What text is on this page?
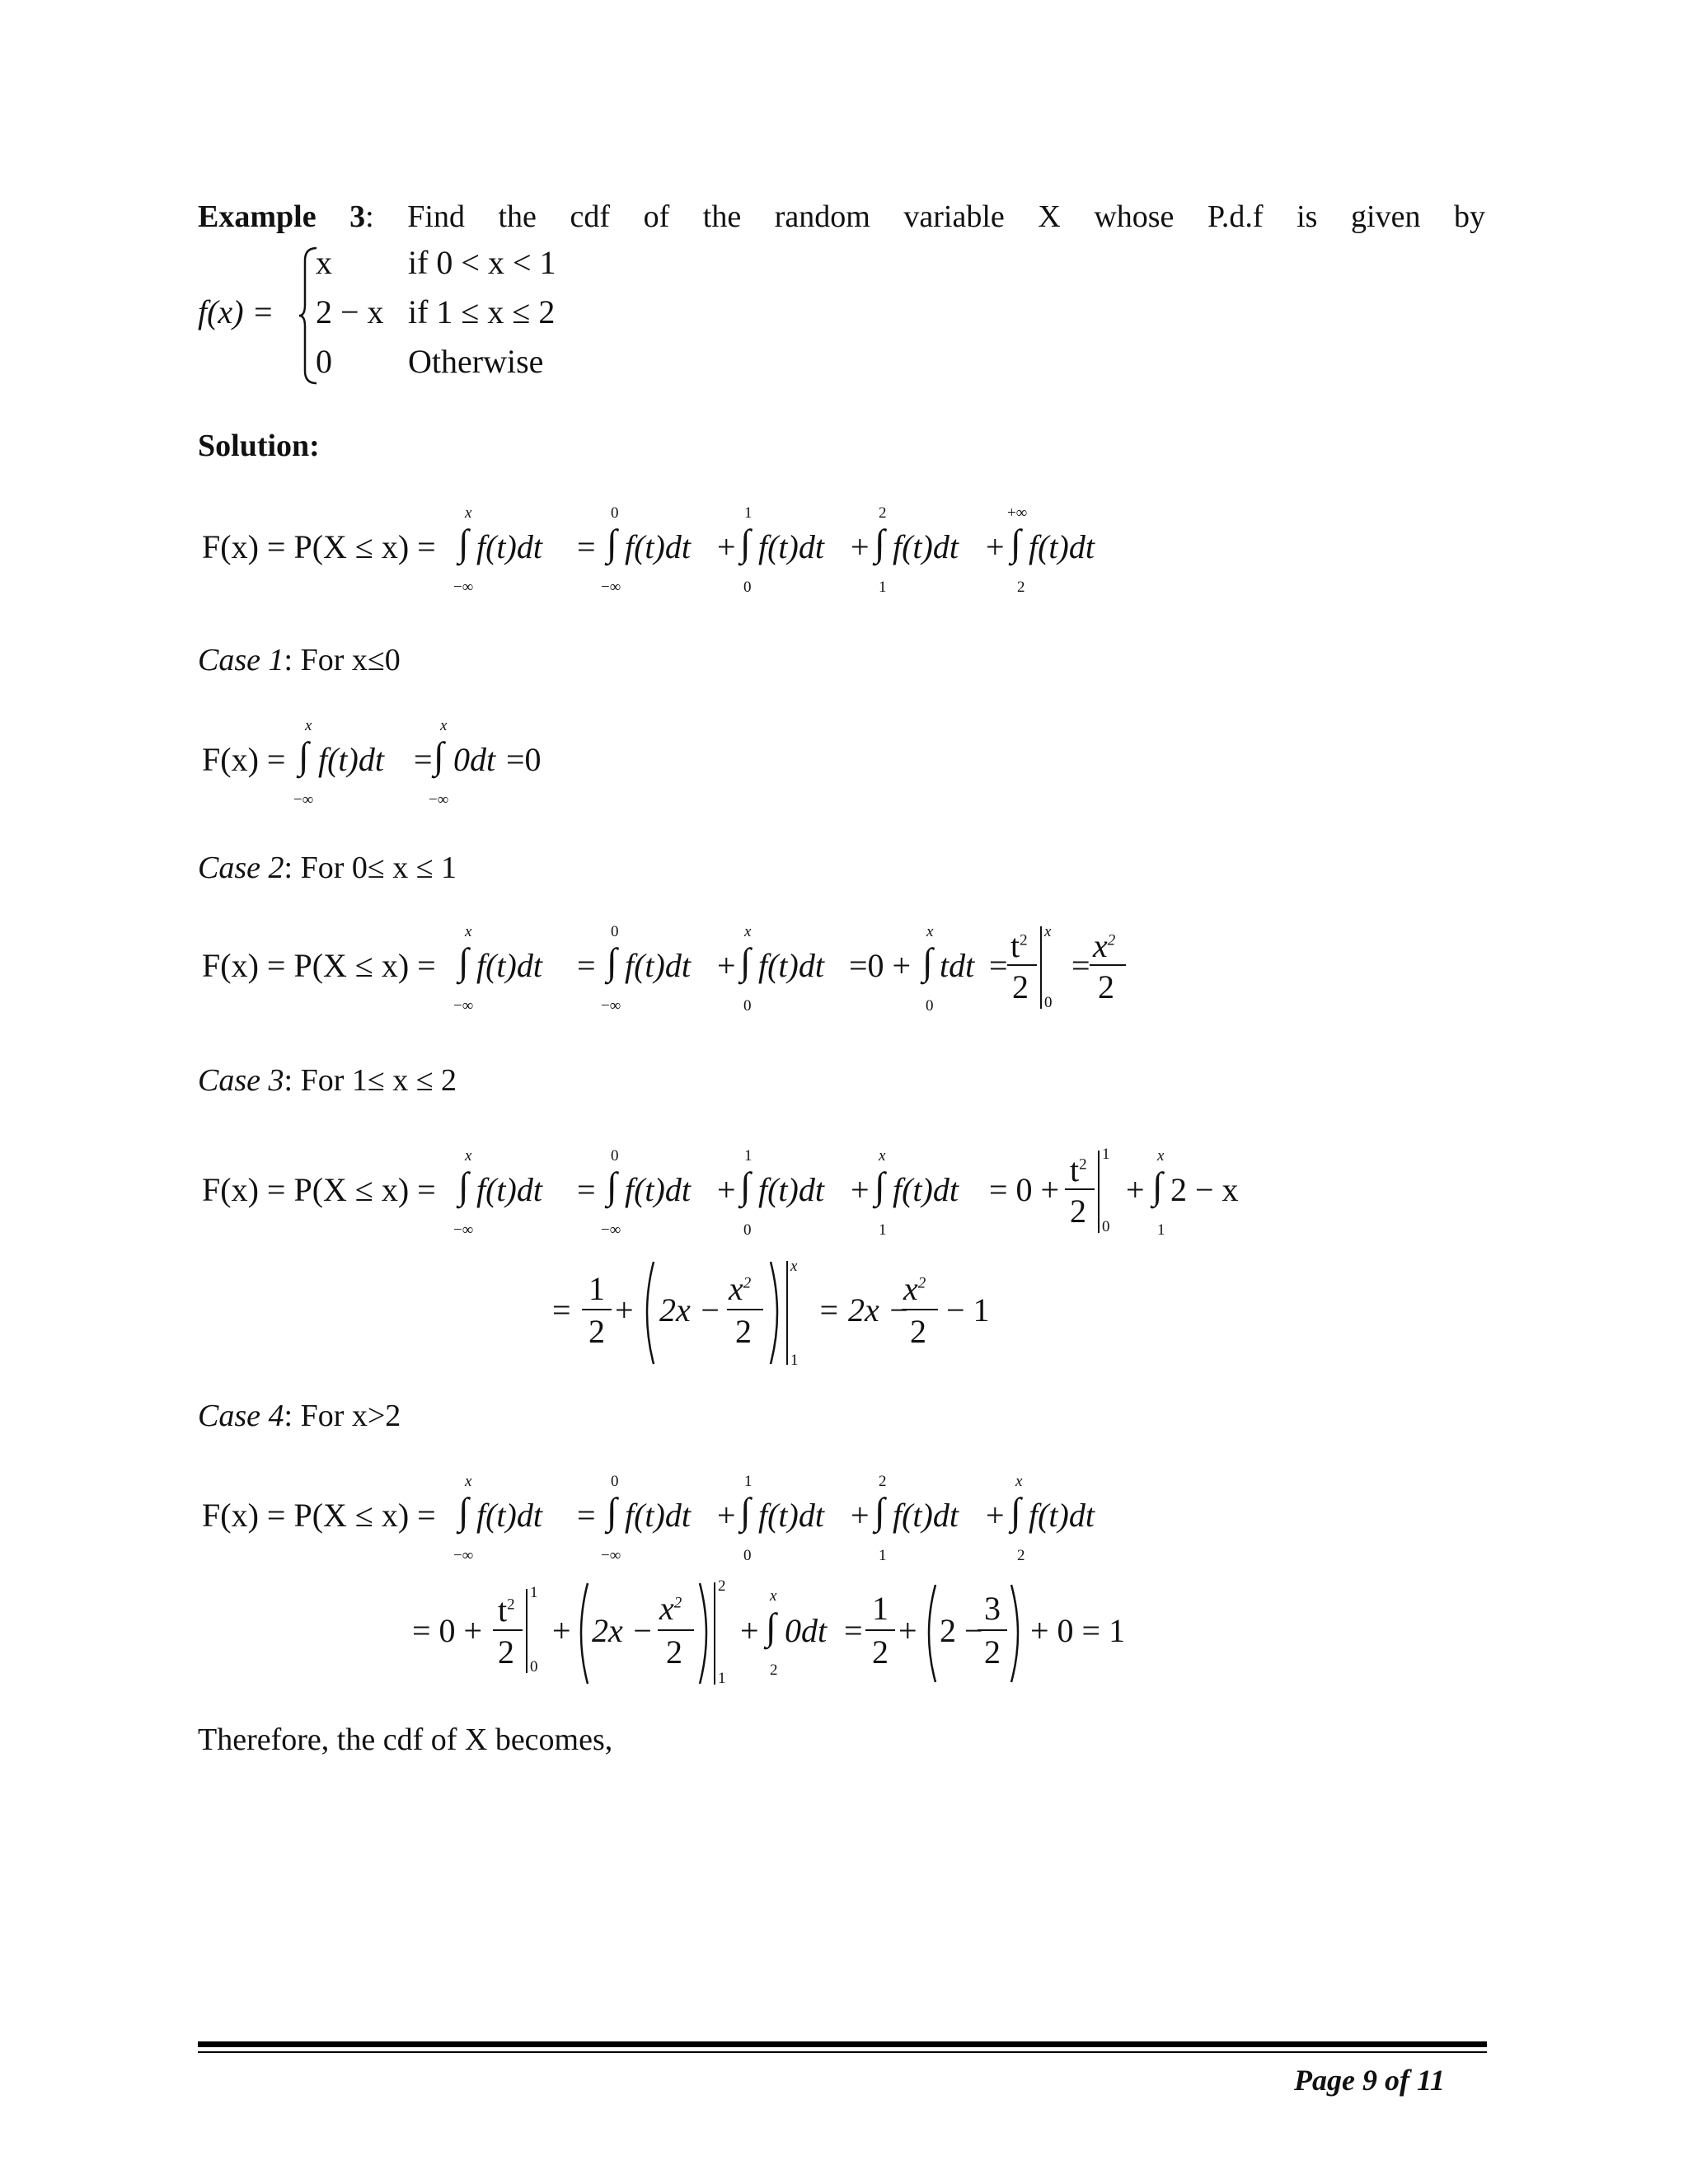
Example 3: Find the cdf of the random variable X whose P.d.f is given by
f(x) =
x if 0 < x < 1
2 − x if 1 ≤ x ≤ 2
0 Otherwise
Solution:
F(x) = P(X ≤ x) =
x
∫
−∞
f(t)dt =
0
∫
−∞
f(t)dt +
1
∫
0
f(t)dt +
2
∫
1
f(t)dt +
+∞
∫
2
f(t)dt
Case 1: For x≤0
F(x) =
x
∫
−∞
f(t)dt =
x
∫
−∞
0dt =0
Case 2: For 0≤ x ≤ 1
F(x) = P(X ≤ x) =
x
∫
−∞
f(t)dt =
0
∫
−∞
f(t)dt +
x
∫
0
f(t)dt =0 +
x
∫
0
tdt =
$t^2$
2
x
0
=
$x^2$
2
Case 3: For 1≤ x ≤ 2
F(x) = P(X ≤ x) =
x
∫
−∞
f(t)dt =
0
∫
−∞
f(t)dt +
1
∫
0
f(t)dt +
x
∫
1
f(t)dt = 0 +
$t^2$
2
1
0
+
x
∫
1
2 − x
=
1
2
+ 2x −
$x^2$
2
x
1
= 2x −
$x^2$
2
− 1
Case 4: For x>2
F(x) = P(X ≤ x) =
x
∫
−∞
f(t)dt =
0
∫
−∞
f(t)dt +
1
∫
0
f(t)dt +
2
∫
1
f(t)dt +
x
∫
2
f(t)dt
= 0 +
$t^2$
2
1
0
+ 2x −
$x^2$
2
2
1
+
x
∫
2
0dt =
1
2
+ 2 −
3
2
+ 0 = 1
Therefore, the cdf of X becomes,
Page 9 of 11
